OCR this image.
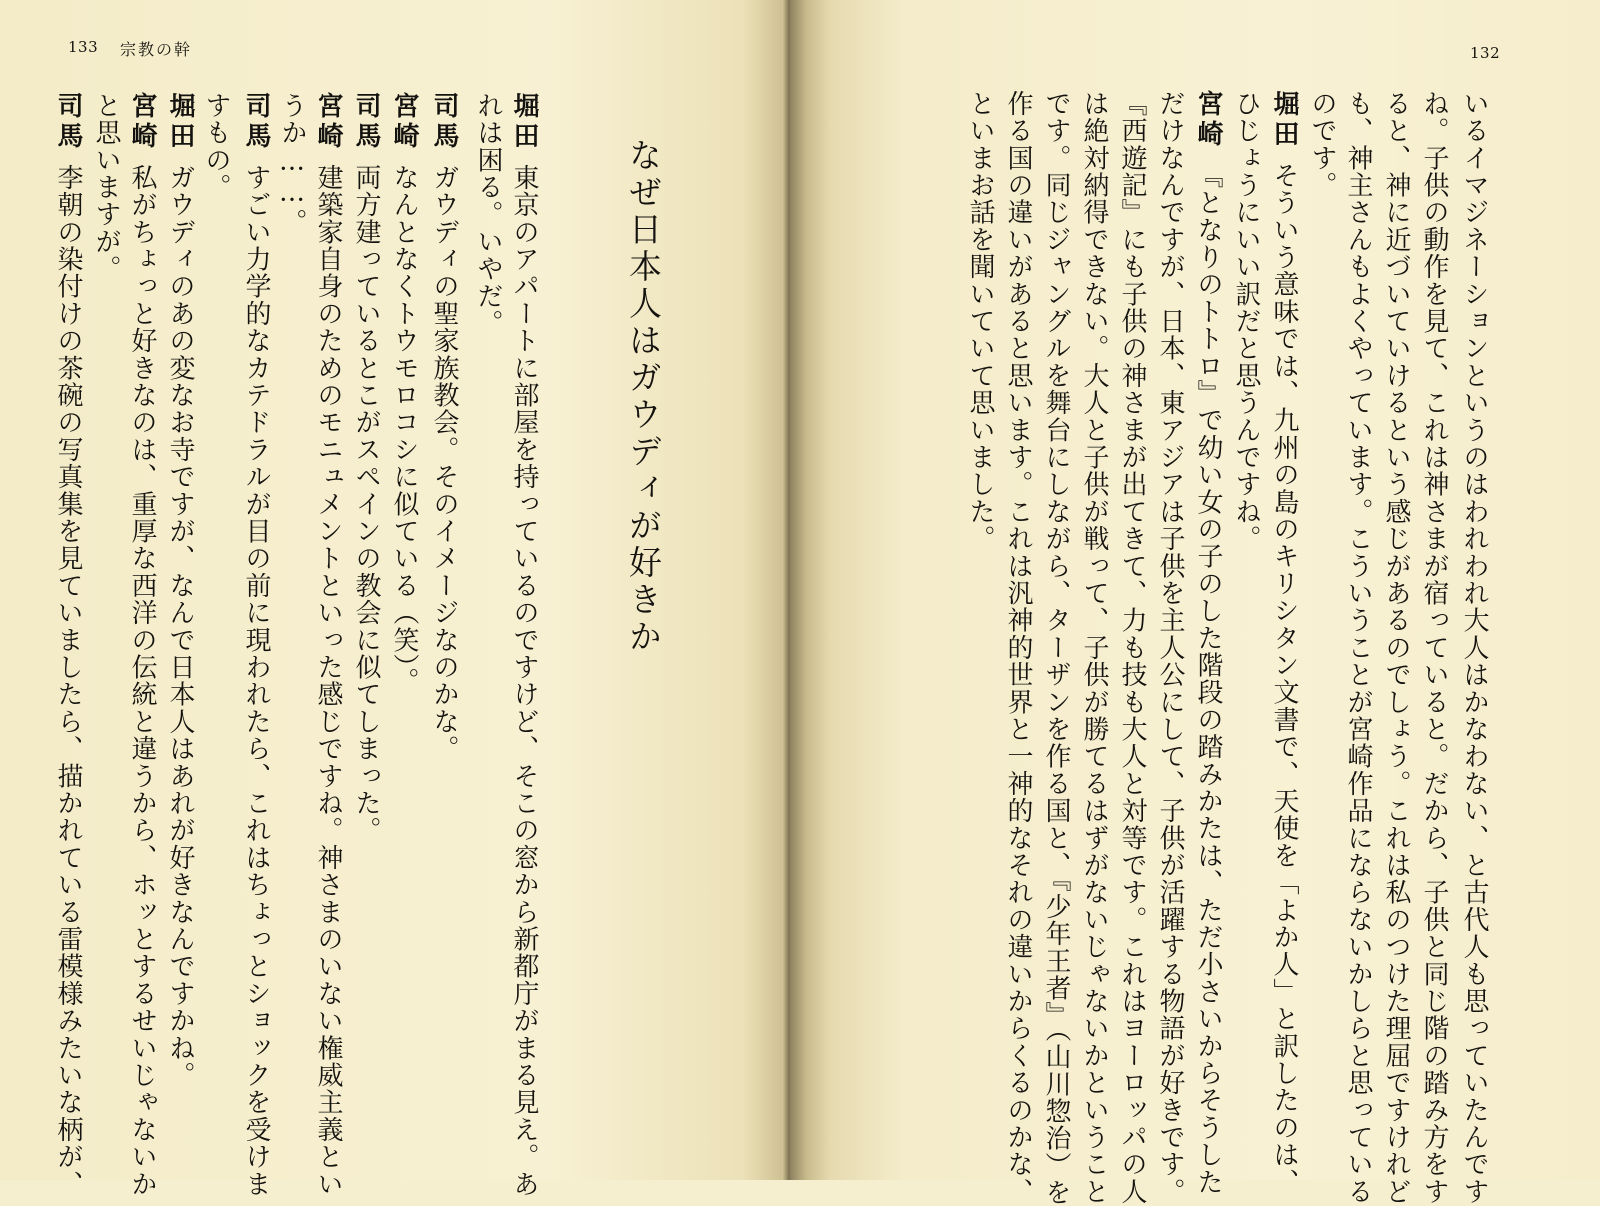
133 宗教の幹
なぜ日本人はガウディが好きか
堀田東京のアパートに部屋を持っているのですけど、そこの窓から新都庁がまる見え。あ
れは困る。いやだ。
司馬ガウディの聖家族教会。そのイメージなのかな。
宮崎なんとなくトウモロコシに似ている（笑）。
司馬両方建っているとこがスペインの教会に似てしまった。
宮崎建築家自身のためのモニュメントといった感じですね。神さまのいない権威主義とい
うか……。
司馬すごい力学的なカテドラルが目の前に現われたら、これはちょっとショックを受けま
すもの。
堀田ガウディのあの変なお寺ですが、なんで日本人はあれが好きなんですかね。
宮崎私がちょっと好きなのは、重厚な西洋の伝統と違うから、ホッとするせいじゃないか
と思いますが。
司馬李朝の染付けの茶碗の写真集を見ていましたら、描かれている雷模様みたいな柄が、
132
いるイマジネーションというのはわれわれ大人はかなわない、と古代人も思っていたんです
ね。子供の動作を見て、これは神さまが宿っていると。だから、子供と同じ階の踏み方をす
ると、神に近づいていけるという感じがあるのでしょう。これは私のつけた理屈ですけれど
も、神主さんもよくやっています。こういうことが宮崎作品にならないかしらと思っている
のです。
堀田そういう意味では、九州の島のキリシタン文書で、天使を「よか人」と訳したのは、
ひじょうにいい訳だと思うんですね。
宮崎『となりのトトロ』で幼い女の子のした階段の踏みかたは、ただ小さいからそうした
だけなんですが、日本、東アジアは子供を主人公にして、子供が活躍する物語が好きです。
『西遊記』にも子供の神さまが出てきて、力も技も大人と対等です。これはヨーロッパの人
は絶対納得できない。大人と子供が戦って、子供が勝てるはずがないじゃないかということ
です。同じジャングルを舞台にしながら、ターザンを作る国と、『少年王者』（山川惣治）を
作る国の違いがあると思います。これは汎神的世界と一神的なそれの違いからくるのかな、
といまお話を聞いていて思いました。
